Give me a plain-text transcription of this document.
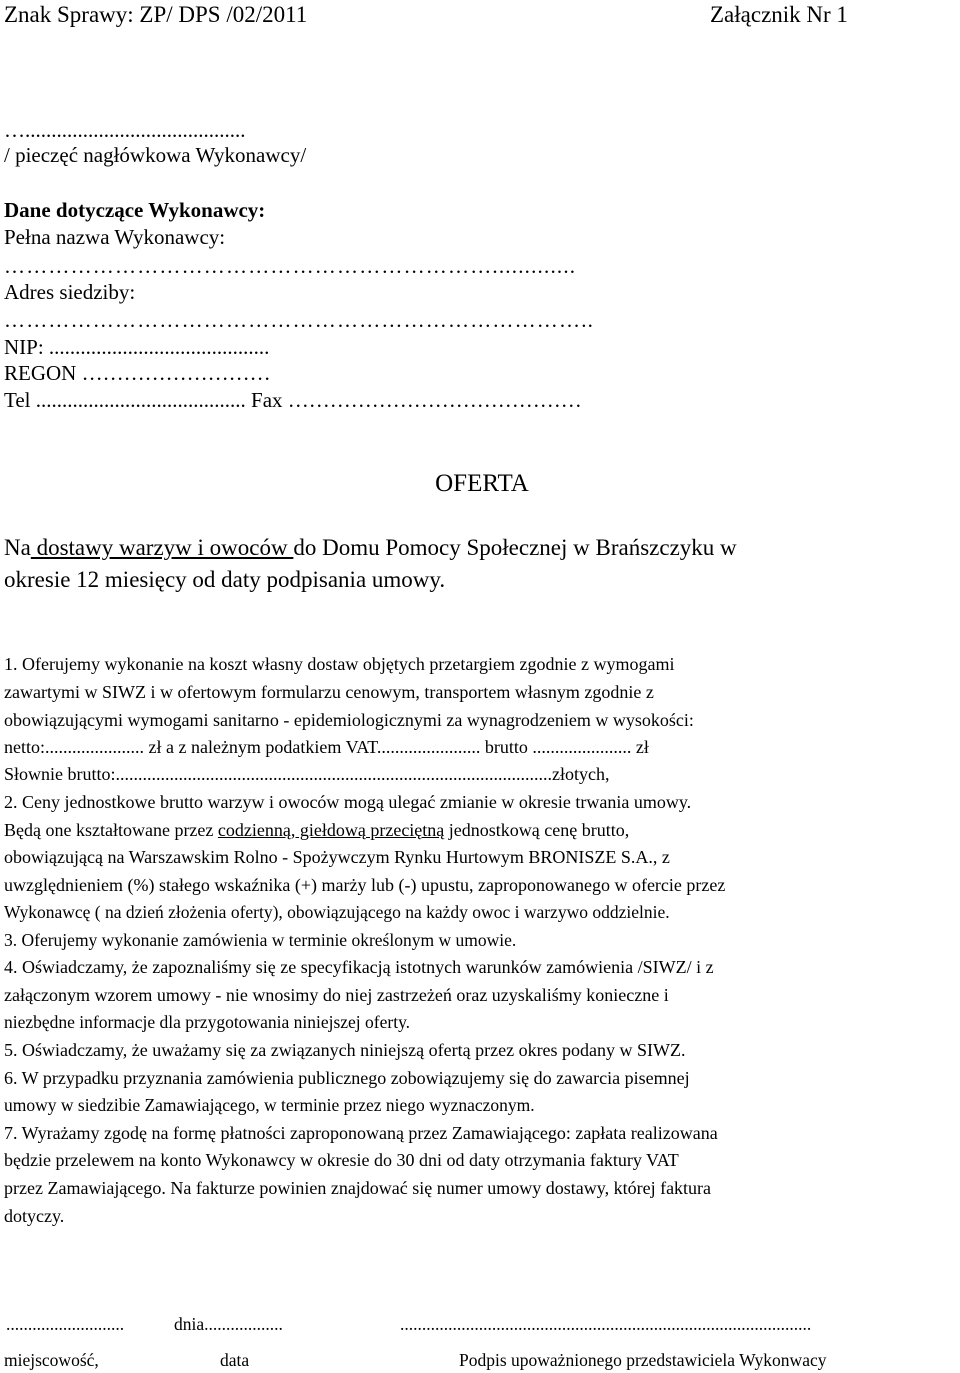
Znak Sprawy: ZP/ DPS /02/2011	Załącznik Nr 1
…..........................................
/ pieczęć nagłówkowa Wykonawcy/
Dane dotyczące Wykonawcy:
Pełna nazwa Wykonawcy:
………………………………………………………….............
Adres siedziby:
……………………………………………………………………..
NIP: ..........................................
REGON ………………………
Tel ........................................ Fax ……………………………………
OFERTA
Na dostawy warzyw i owoców do Domu Pomocy Społecznej w Brańszczyku w
okresie 12 miesięcy od daty podpisania umowy.
1. Oferujemy wykonanie na koszt własny dostaw objętych przetargiem zgodnie z wymogami
zawartymi w SIWZ i w ofertowym formularzu cenowym, transportem własnym zgodnie z
obowiązującymi wymogami sanitarno - epidemiologicznymi za wynagrodzeniem w wysokości:
netto:...................... zł a z należnym podatkiem VAT....................... brutto ...................... zł
Słownie brutto:.................................................................................................złotych,
2. Ceny jednostkowe brutto warzyw i owoców mogą ulegać zmianie w okresie trwania umowy.
Będą one kształtowane przez codzienną, giełdową przeciętną jednostkową cenę brutto,
obowiązującą na Warszawskim Rolno - Spożywczym Rynku Hurtowym BRONISZE S.A., z
uwzględnieniem (%) stałego wskaźnika (+) marży lub (-) upustu, zaproponowanego w ofercie przez
Wykonawcę ( na dzień złożenia oferty), obowiązującego na każdy owoc i warzywo oddzielnie.
3. Oferujemy wykonanie zamówienia w terminie określonym w umowie.
4. Oświadczamy, że zapoznaliśmy się ze specyfikacją istotnych warunków zamówienia /SIWZ/ i z
załączonym wzorem umowy - nie wnosimy do niej zastrzeżeń oraz uzyskaliśmy konieczne i
niezbędne informacje dla przygotowania niniejszej oferty.
5. Oświadczamy, że uważamy się za związanych niniejszą ofertą przez okres podany w SIWZ.
6. W przypadku przyznania zamówienia publicznego zobowiązujemy się do zawarcia pisemnej
umowy w siedzibie Zamawiającego, w terminie przez niego wyznaczonym.
7. Wyrażamy zgodę na formę płatności zaproponowaną przez Zamawiającego: zapłata realizowana
będzie przelewem na konto Wykonawcy w okresie do 30 dni od daty otrzymania faktury VAT
przez Zamawiającego. Na fakturze powinien znajdować się numer umowy dostawy, której faktura
dotyczy.
...........................	dnia..................	..............................................................................................
miejscowość,	data	Podpis upoważnionego przedstawiciela Wykonwacy
